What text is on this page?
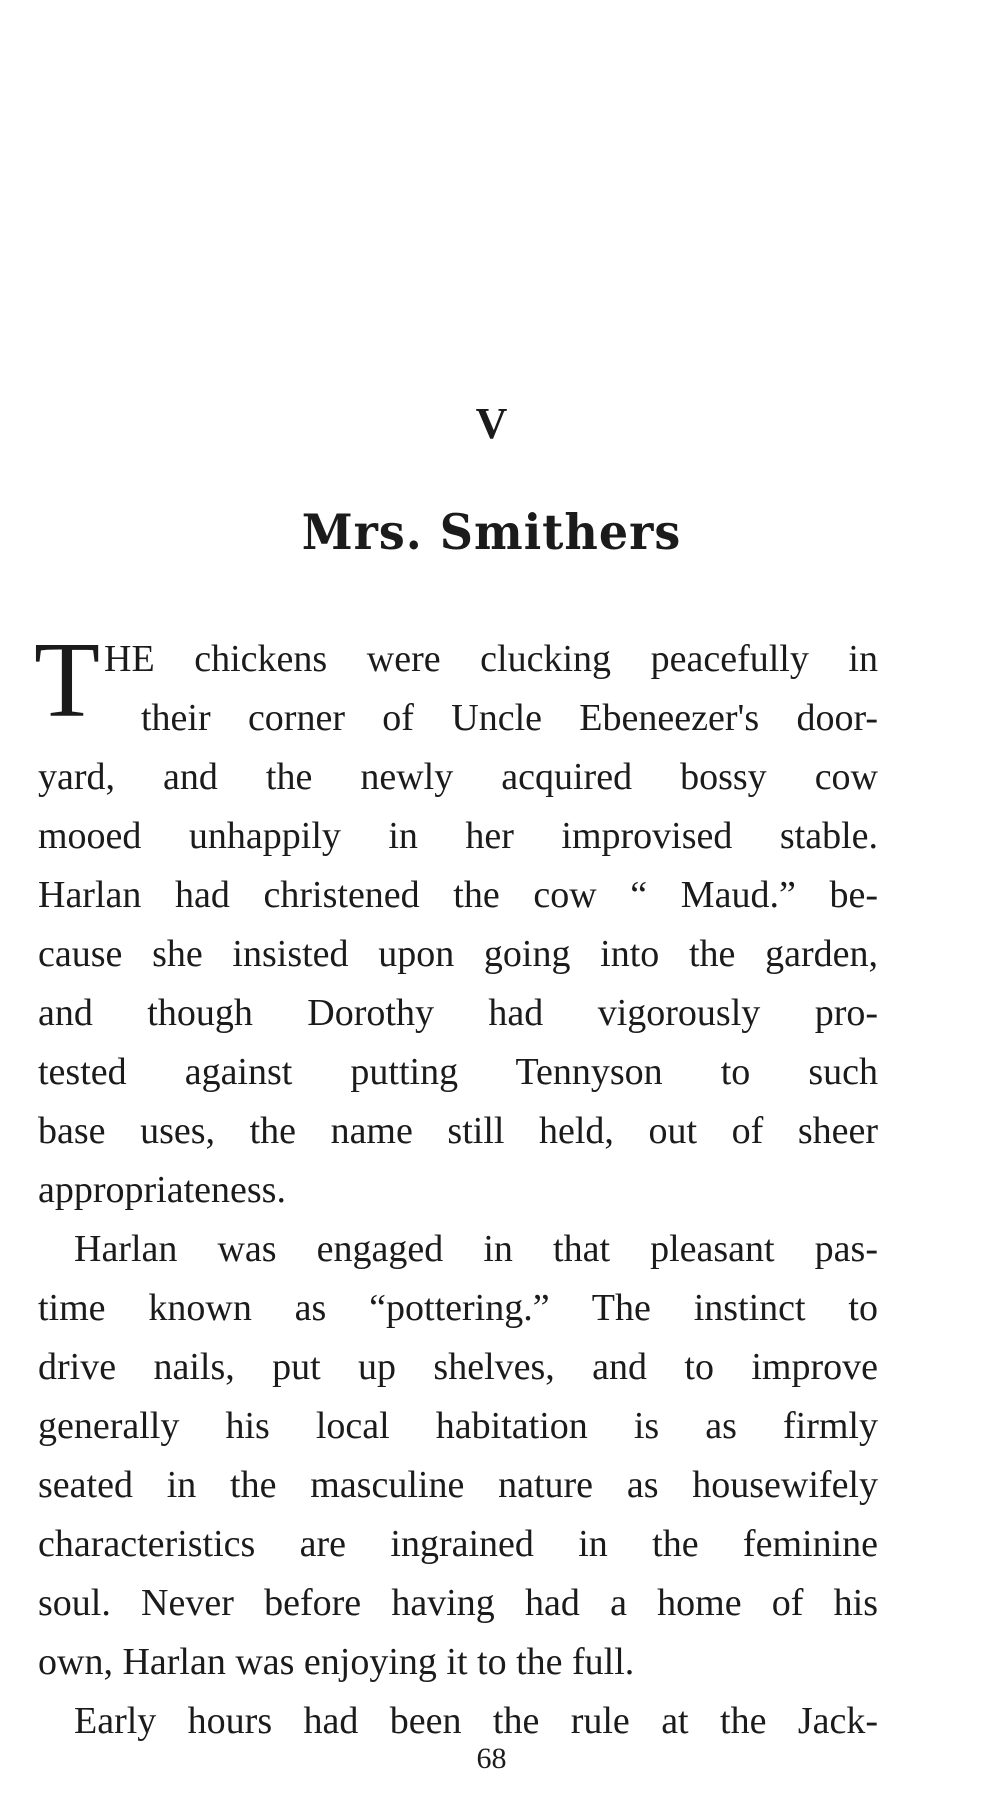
V
Mrs. Smithers
T HE chickens were clucking peacefully in
their corner of Uncle Ebeneezer's door-
yard, and the newly acquired bossy cow
mooed unhappily in her improvised stable.
Harlan had christened the cow “ Maud.” be-
cause she insisted upon going into the garden,
and though Dorothy had vigorously pro-
tested against putting Tennyson to such
base uses, the name still held, out of sheer
appropriateness.
Harlan was engaged in that pleasant pas-
time known as “pottering.” The instinct to
drive nails, put up shelves, and to improve
generally his local habitation is as firmly
seated in the masculine nature as housewifely
characteristics are ingrained in the feminine
soul. Never before having had a home of his
own, Harlan was enjoying it to the full.
Early hours had been the rule at the Jack-
68
